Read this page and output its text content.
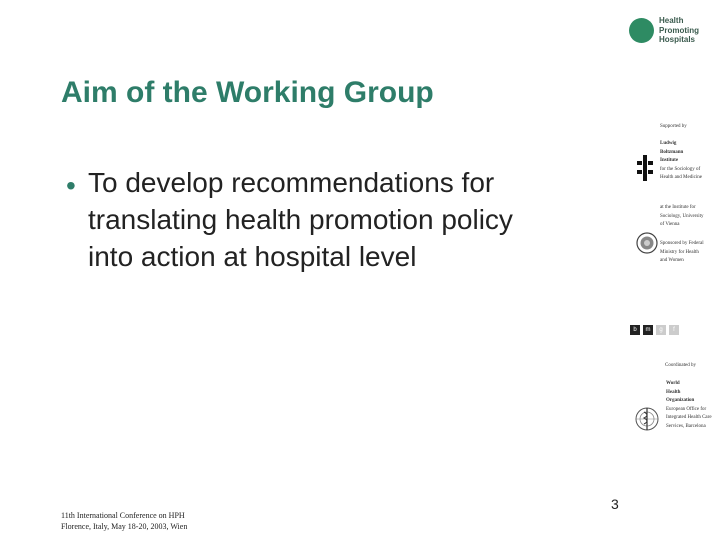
Health
Promoting
Hospitals
Aim of the Working Group
• To develop recommendations for
translating health promotion policy
into action at hospital level
Supported by
Ludwig
Boltzmann
Institute
for the Sociology of
Health and Medicine
at the Institute for
Sociology, University
of Vienna
Sponsored by Federal
Ministry for Health
and Women
b m g f
Coordinated by
World
Health
Organization
European Office for
Integrated Health Care
Services, Barcelona
3
11th International Conference on HPH
Florence, Italy, May 18-20, 2003, Wien
